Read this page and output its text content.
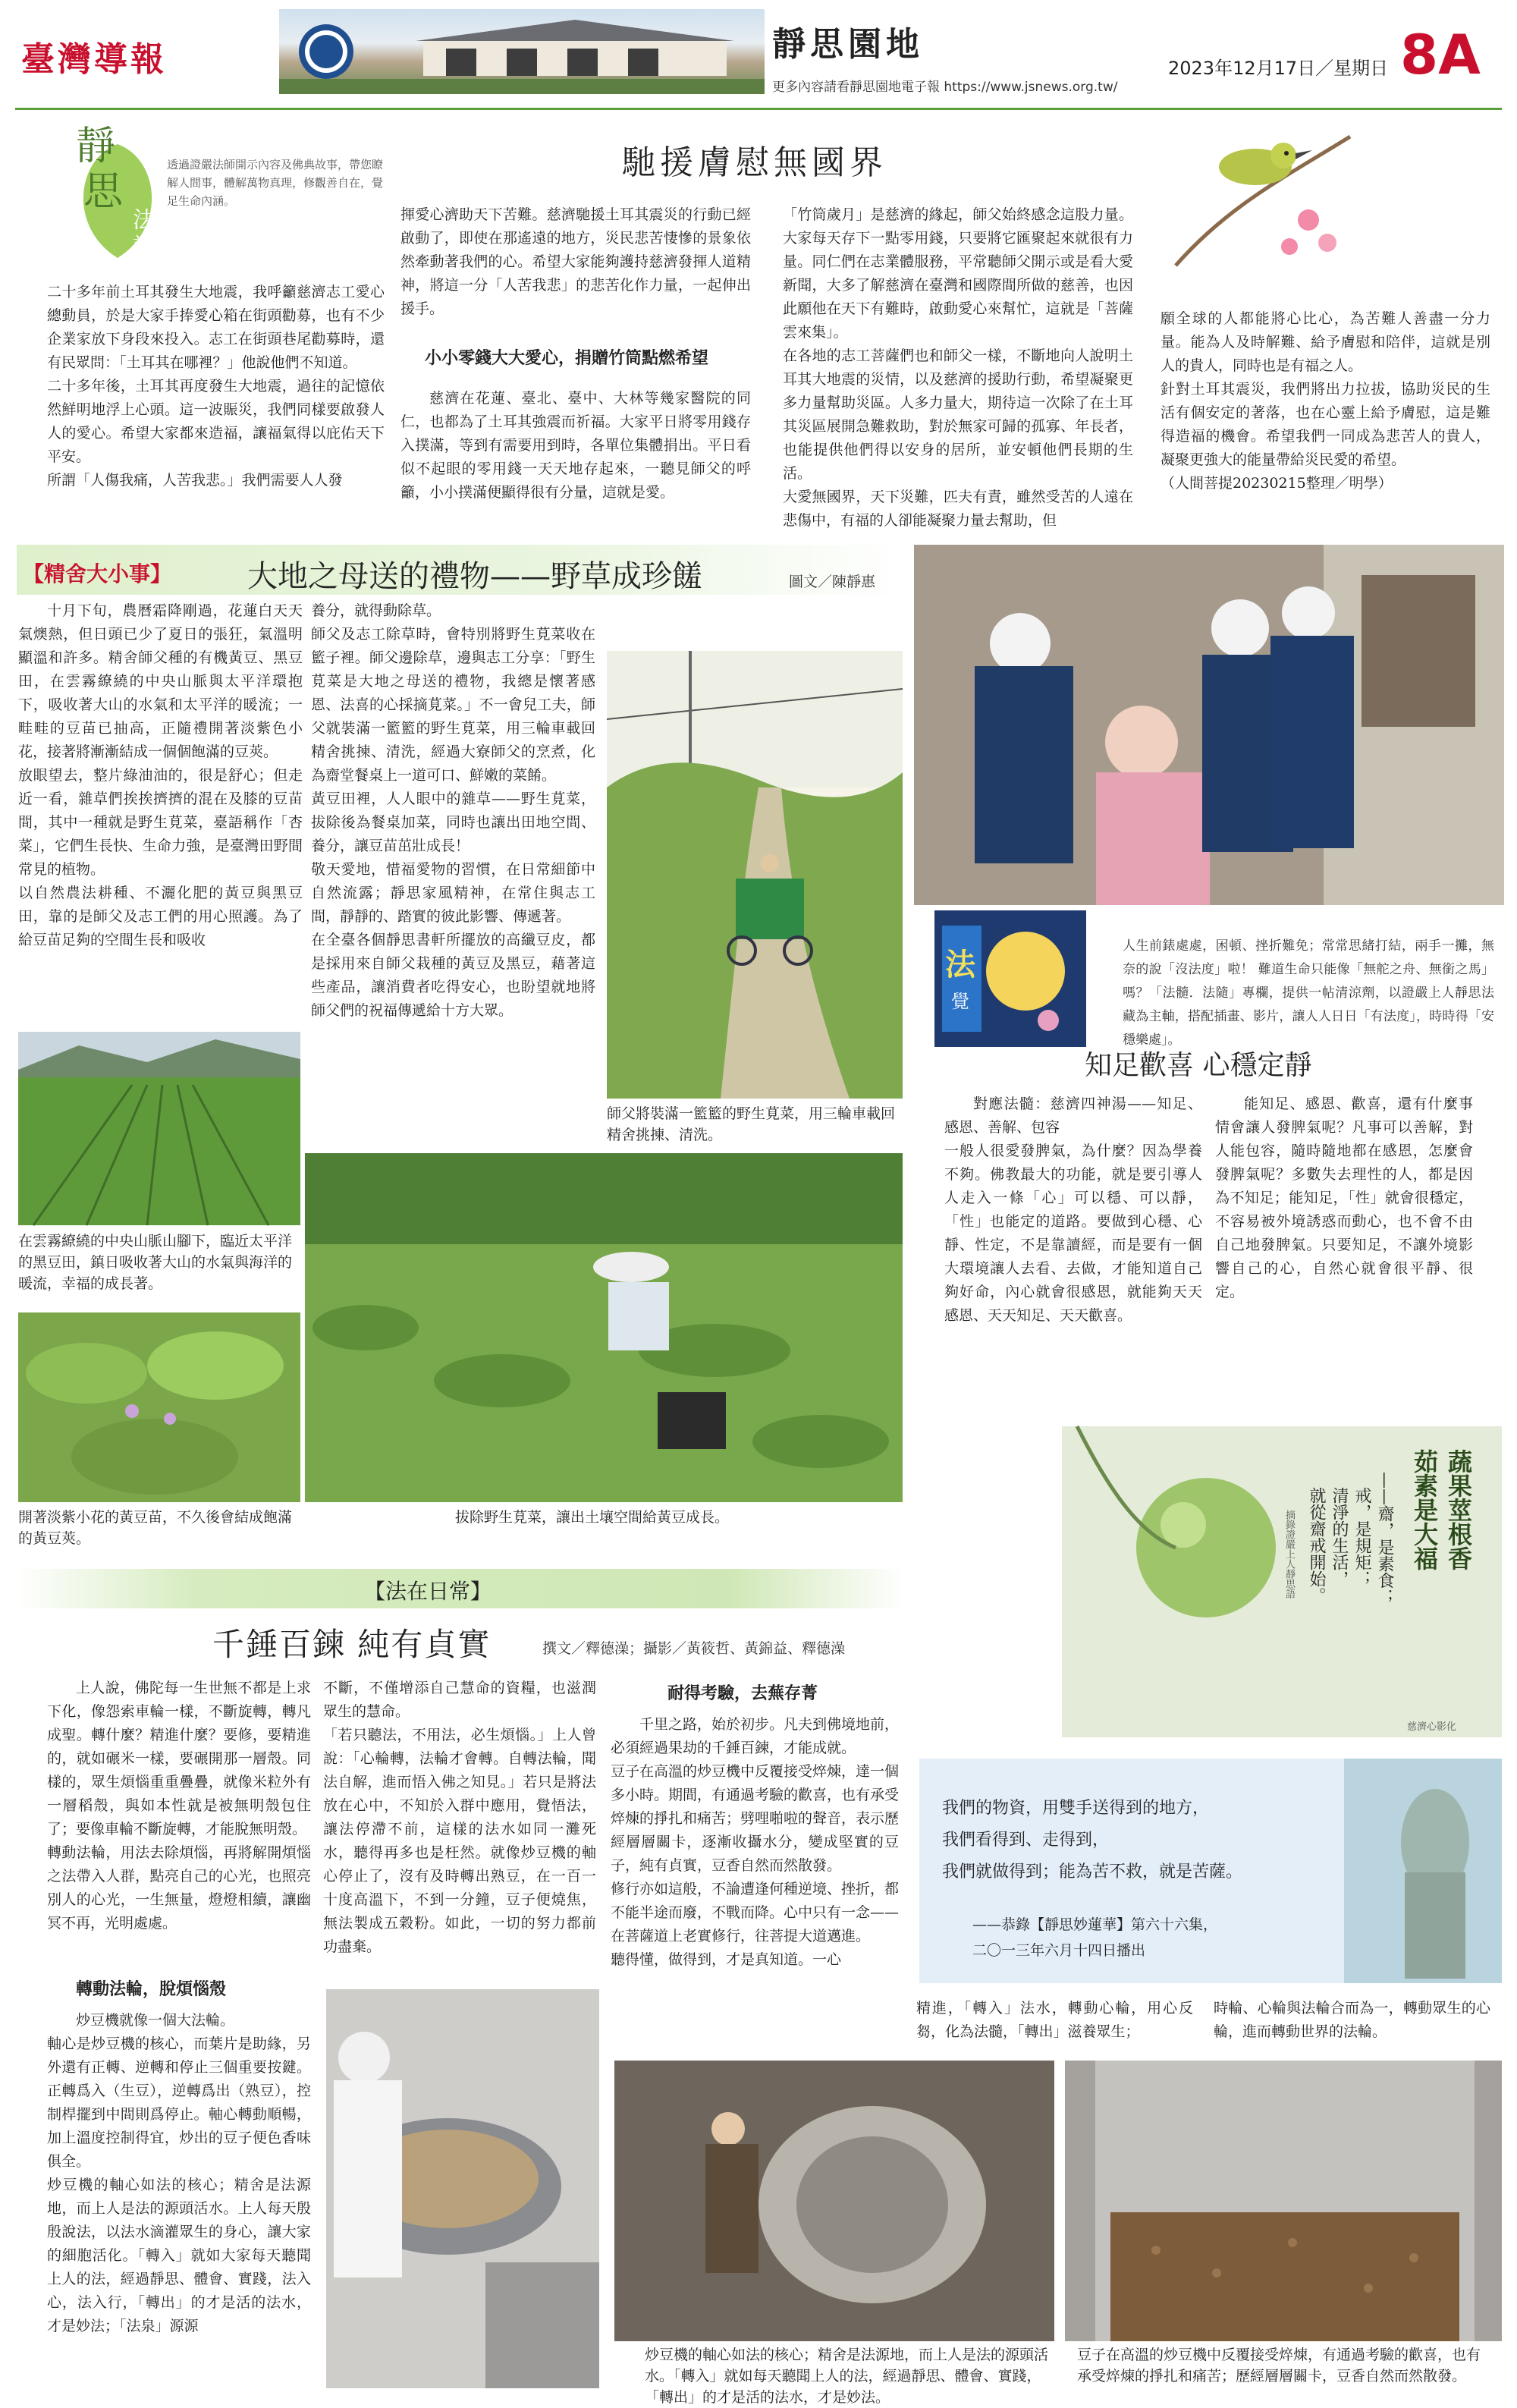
臺灣導報	靜思園地
更多內容請看靜思園地電子報 https://www.jsnews.org.tw/
2023年12月17日／星期日 8A
靜
思
法
語
透過證嚴法師開示內容及佛典故事，帶您瞭解人間事，體解萬物真理，修觀善自在，覺足生命內涵。
馳援膚慰無國界
二十多年前土耳其發生大地震，我呼籲慈濟志工愛心總動員，於是大家手捧愛心箱在街頭勸募，也有不少企業家放下身段來投入。志工在街頭巷尾勸募時，還有民眾問：「土耳其在哪裡？」他說他們不知道。
二十多年後，土耳其再度發生大地震，過往的記憶依然鮮明地浮上心頭。這一波賑災，我們同樣要啟發人人的愛心。希望大家都來造福，讓福氣得以庇佑天下平安。
所謂「人傷我痛，人苦我悲。」我們需要人人發
揮愛心濟助天下苦難。慈濟馳援土耳其震災的行動已經啟動了，即使在那遙遠的地方，災民悲苦悽慘的景象依然牽動著我們的心。希望大家能夠護持慈濟發揮人道精神，將這一分「人苦我悲」的悲苦化作力量，一起伸出援手。
小小零錢大大愛心，捐贈竹筒點燃希望
慈濟在花蓮、臺北、臺中、大林等幾家醫院的同仁，也都為了土耳其強震而祈福。大家平日將零用錢存入撲滿，等到有需要用到時，各單位集體捐出。平日看似不起眼的零用錢一天天地存起來，一聽見師父的呼籲，小小撲滿便顯得很有分量，這就是愛。
「竹筒歲月」是慈濟的緣起，師父始終感念這股力量。大家每天存下一點零用錢，只要將它匯聚起來就很有力量。同仁們在志業體服務，平常聽師父開示或是看大愛新聞，大多了解慈濟在臺灣和國際間所做的慈善，也因此願他在天下有難時，啟動愛心來幫忙，這就是「菩薩雲來集」。
在各地的志工菩薩們也和師父一樣，不斷地向人說明土耳其大地震的災情，以及慈濟的援助行動，希望凝聚更多力量幫助災區。人多力量大，期待這一次除了在土耳其災區展開急難救助，對於無家可歸的孤寡、年長者，也能提供他們得以安身的居所，並安頓他們長期的生活。
大愛無國界，天下災難，匹夫有責，雖然受苦的人遠在悲傷中，有福的人卻能凝聚力量去幫助，但
願全球的人都能將心比心，為苦難人善盡一分力量。能為人及時解難、給予膚慰和陪伴，這就是別人的貴人，同時也是有福之人。
針對土耳其震災，我們將出力拉拔，協助災民的生活有個安定的著落，也在心靈上給予膚慰，這是難得造福的機會。希望我們一同成為悲苦人的貴人，凝聚更強大的能量帶給災民愛的希望。
（人間菩提20230215整理／明學）
【精舍大小事】 大地之母送的禮物——野草成珍饈	圖文／陳靜惠
十月下旬，農曆霜降剛過，花蓮白天天氣燠熱，但日頭已少了夏日的張狂，氣溫明顯溫和許多。精舍師父種的有機黃豆、黑豆田，在雲霧繚繞的中央山脈與太平洋環抱下，吸收著大山的水氣和太平洋的暖流；一畦畦的豆苗已抽高，正隨禮開著淡紫色小花，接著將漸漸結成一個個飽滿的豆莢。
放眼望去，整片綠油油的，很是舒心；但走近一看，雜草們挨挨擠擠的混在及膝的豆苗間，其中一種就是野生莧菜，臺語稱作「杏菜」，它們生長快、生命力強，是臺灣田野間常見的植物。
以自然農法耕種、不灑化肥的黃豆與黑豆田，靠的是師父及志工們的用心照護。為了給豆苗足夠的空間生長和吸收
養分，就得動除草。
師父及志工除草時，會特別將野生莧菜收在籃子裡。師父邊除草，邊與志工分享：「野生莧菜是大地之母送的禮物，我總是懷著感恩、法喜的心採摘莧菜。」不一會兒工夫，師父就裝滿一籃籃的野生莧菜，用三輪車載回精舍挑揀、清洗，經過大寮師父的烹煮，化為齋堂餐桌上一道可口、鮮嫩的菜餚。
黃豆田裡，人人眼中的雜草——野生莧菜，拔除後為餐桌加菜，同時也讓出田地空間、養分，讓豆苗茁壯成長！
敬天愛地，惜福愛物的習慣，在日常細節中自然流露；靜思家風精神，在常住與志工間，靜靜的、踏實的彼此影響、傳遞著。
在全臺各個靜思書軒所擺放的高纖豆皮，都是採用來自師父栽種的黃豆及黑豆，藉著這些產品，讓消費者吃得安心，也盼望就地將師父們的祝福傳遞給十方大眾。
師父將裝滿一籃籃的野生莧菜，用三輪車載回精舍挑揀、清洗。
在雲霧繚繞的中央山脈山腳下，臨近太平洋的黑豆田，鎮日吸收著大山的水氣與海洋的暖流，幸福的成長著。
開著淡紫小花的黃豆苗，不久後會結成飽滿的黃豆莢。
拔除野生莧菜，讓出土壤空間給黃豆成長。
法
覺
人生前錶處處，困頓、挫折難免；常常思緒打結，兩手一攤，無奈的說「沒法度」啦！ 難道生命只能像「無舵之舟、無銜之馬」嗎？「法髓．法隨」專欄，提供一帖清涼劑，以證嚴上人靜思法藏為主軸，搭配插畫、影片，讓人人日日「有法度」，時時得「安穩樂處」。
知足歡喜 心穩定靜
對應法髓：慈濟四神湯——知足、感恩、善解、包容
一般人很愛發脾氣，為什麼？因為學養不夠。佛教最大的功能，就是要引導人人走入一條「心」可以穩、可以靜，「性」也能定的道路。要做到心穩、心靜、性定，不是靠讀經，而是要有一個大環境讓人去看、去做，才能知道自己夠好命，內心就會很感恩，就能夠天天感恩、天天知足、天天歡喜。
能知足、感恩、歡喜，還有什麼事情會讓人發脾氣呢？凡事可以善解，對人能包容，隨時隨地都在感恩，怎麼會發脾氣呢？多數失去理性的人，都是因為不知足；能知足，「性」就會很穩定，不容易被外境誘惑而動心，也不會不由自己地發脾氣。只要知足，不讓外境影響自己的心，自然心就會很平靜、很定。
蔬果莖根香
茹素是大福
——齋，是素食；
戒，是規矩；
清淨的生活，
就從齋戒開始。
摘錄證嚴上人靜思語
慈濟心影化
我們的物資，用雙手送得到的地方，
我們看得到、走得到，
我們就做得到；能為苦不救，就是苦薩。
——恭錄【靜思妙蓮華】第六十六集，
二〇一三年六月十四日播出
【法在日常】
千錘百鍊 純有貞實	撰文／釋德澡；攝影／黃筱哲、黃錦益、釋德澡
上人說，佛陀每一生世無不都是上求下化，像怨索車輪一樣，不斷旋轉，轉凡成聖。轉什麼？精進什麼？要修，要精進的，就如碾米一樣，要碾開那一層殼。同樣的，眾生煩惱重重疊疊，就像米粒外有一層稻殼，與如本性就是被無明殼包住了；要像車輪不斷旋轉，才能脫無明殼。
轉動法輪，用法去除煩惱，再將解開煩惱之法帶入人群，點亮自己的心光，也照亮別人的心光，一生無量，燈燈相續，讓幽冥不再，光明處處。
轉動法輪，脫煩惱殼
炒豆機就像一個大法輪。
軸心是炒豆機的核心，而葉片是助緣，另外還有正轉、逆轉和停止三個重要按鍵。正轉爲入（生豆），逆轉爲出（熟豆），控制桿擺到中間則爲停止。軸心轉動順暢，加上溫度控制得宜，炒出的豆子便色香味俱全。
炒豆機的軸心如法的核心；精舍是法源地，而上人是法的源頭活水。上人每天殷殷說法，以法水滴灌眾生的身心，讓大家的細胞活化。「轉入」就如大家每天聽聞上人的法，經過靜思、體會、實踐，法入心，法入行，「轉出」的才是活的法水，才是妙法；「法泉」源源
不斷，不僅增添自己慧命的資糧，也滋潤眾生的慧命。
「若只聽法，不用法，必生煩惱。」上人曾說：「心輪轉，法輪才會轉。自轉法輪，聞法自解，進而悟入佛之知見。」若只是將法放在心中，不知於入群中應用，覺悟法，讓法停滯不前，這樣的法水如同一灘死水，聽得再多也是枉然。就像炒豆機的軸心停止了，沒有及時轉出熟豆，在一百一十度高溫下，不到一分鐘，豆子便燒焦，無法製成五穀粉。如此，一切的努力都前功盡棄。
耐得考驗，去蕪存菁
千里之路，始於初步。凡夫到佛境地前，必須經過果劫的千錘百鍊，才能成就。
豆子在高溫的炒豆機中反覆接受焠煉，達一個多小時。期間，有通過考驗的歡喜，也有承受焠煉的掙扎和痛苦；劈哩啪啦的聲音，表示歷經層層關卡，逐漸收攝水分，變成堅實的豆子，純有貞實，豆香自然而然散發。
修行亦如這般，不論遭逢何種逆境、挫折，都不能半途而廢，不戰而降。心中只有一念——在菩薩道上老實修行，往菩提大道邁進。
聽得懂，做得到，才是真知道。一心
精進，「轉入」法水，轉動心輪，用心反芻，化為法髓，「轉出」滋養眾生；
時輪、心輪與法輪合而為一，轉動眾生的心輪，進而轉動世界的法輪。
炒豆機的軸心如法的核心；精舍是法源地，而上人是法的源頭活水。「轉入」就如每天聽聞上人的法，經過靜思、體會、實踐，「轉出」的才是活的法水，才是妙法。
豆子在高溫的炒豆機中反覆接受焠煉，有通過考驗的歡喜，也有承受焠煉的掙扎和痛苦；歷經層層關卡，豆香自然而然散發。
